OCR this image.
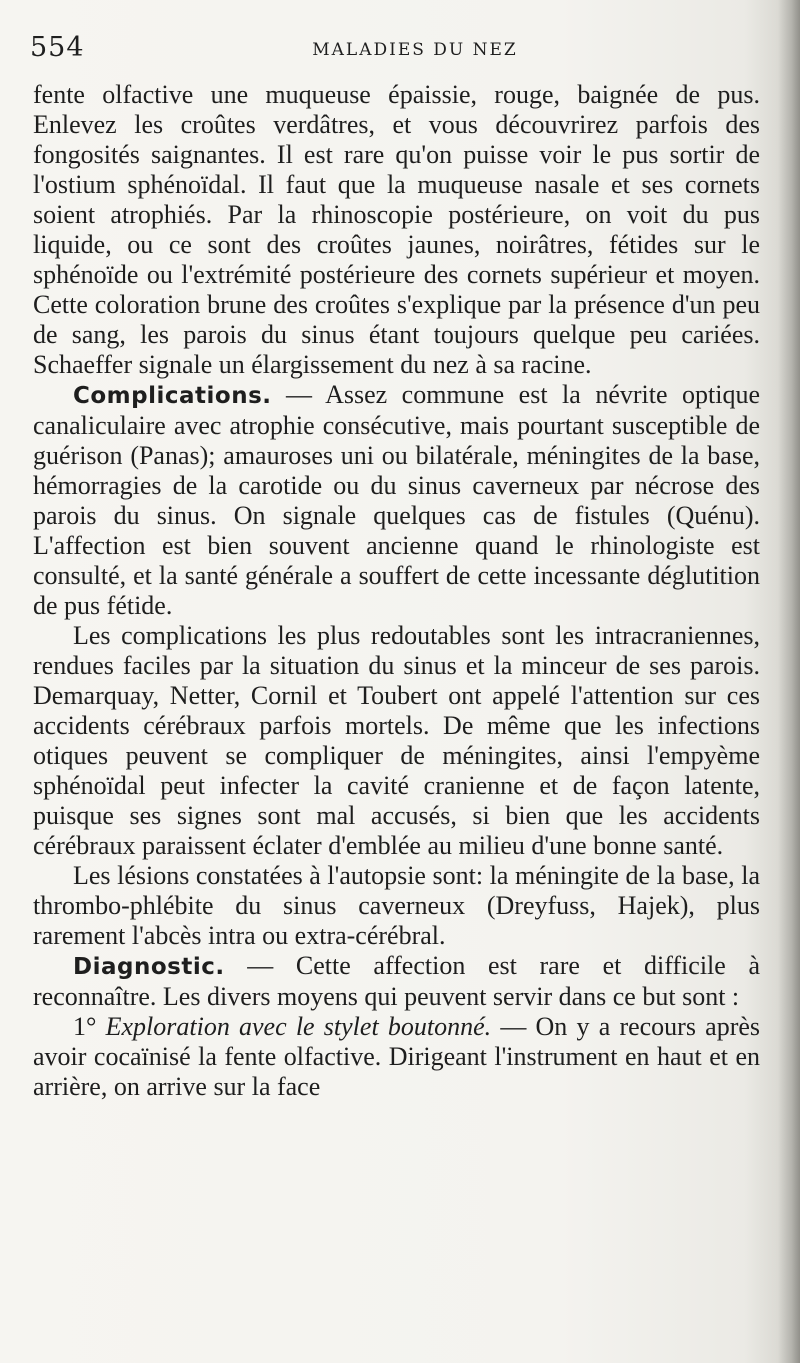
554	MALADIES DU NEZ

fente olfactive une muqueuse épaissie, rouge, baignée de pus. Enlevez les croûtes verdâtres, et vous découvrirez parfois des fongosités saignantes. Il est rare qu'on puisse voir le pus sortir de l'ostium sphénoïdal. Il faut que la muqueuse nasale et ses cornets soient atrophiés. Par la rhinoscopie postérieure, on voit du pus liquide, ou ce sont des croûtes jaunes, noirâtres, fétides sur le sphénoïde ou l'extrémité postérieure des cornets supérieur et moyen. Cette coloration brune des croûtes s'explique par la présence d'un peu de sang, les parois du sinus étant toujours quelque peu cariées. Schaeffer signale un élargissement du nez à sa racine.

Complications. — Assez commune est la névrite optique canaliculaire avec atrophie consécutive, mais pourtant susceptible de guérison (Panas); amauroses uni ou bilatérale, méningites de la base, hémorragies de la carotide ou du sinus caverneux par nécrose des parois du sinus. On signale quelques cas de fistules (Quénu). L'affection est bien souvent ancienne quand le rhinologiste est consulté, et la santé générale a souffert de cette incessante déglutition de pus fétide.

Les complications les plus redoutables sont les intracraniennes, rendues faciles par la situation du sinus et la minceur de ses parois. Demarquay, Netter, Cornil et Toubert ont appelé l'attention sur ces accidents cérébraux parfois mortels. De même que les infections otiques peuvent se compliquer de méningites, ainsi l'empyème sphénoïdal peut infecter la cavité cranienne et de façon latente, puisque ses signes sont mal accusés, si bien que les accidents cérébraux paraissent éclater d'emblée au milieu d'une bonne santé.

Les lésions constatées à l'autopsie sont: la méningite de la base, la thrombo-phlébite du sinus caverneux (Dreyfuss, Hajek), plus rarement l'abcès intra ou extra-cérébral.

Diagnostic. — Cette affection est rare et difficile à reconnaître. Les divers moyens qui peuvent servir dans ce but sont :

1° Exploration avec le stylet boutonné. — On y a recours après avoir cocaïnisé la fente olfactive. Dirigeant l'instrument en haut et en arrière, on arrive sur la face
